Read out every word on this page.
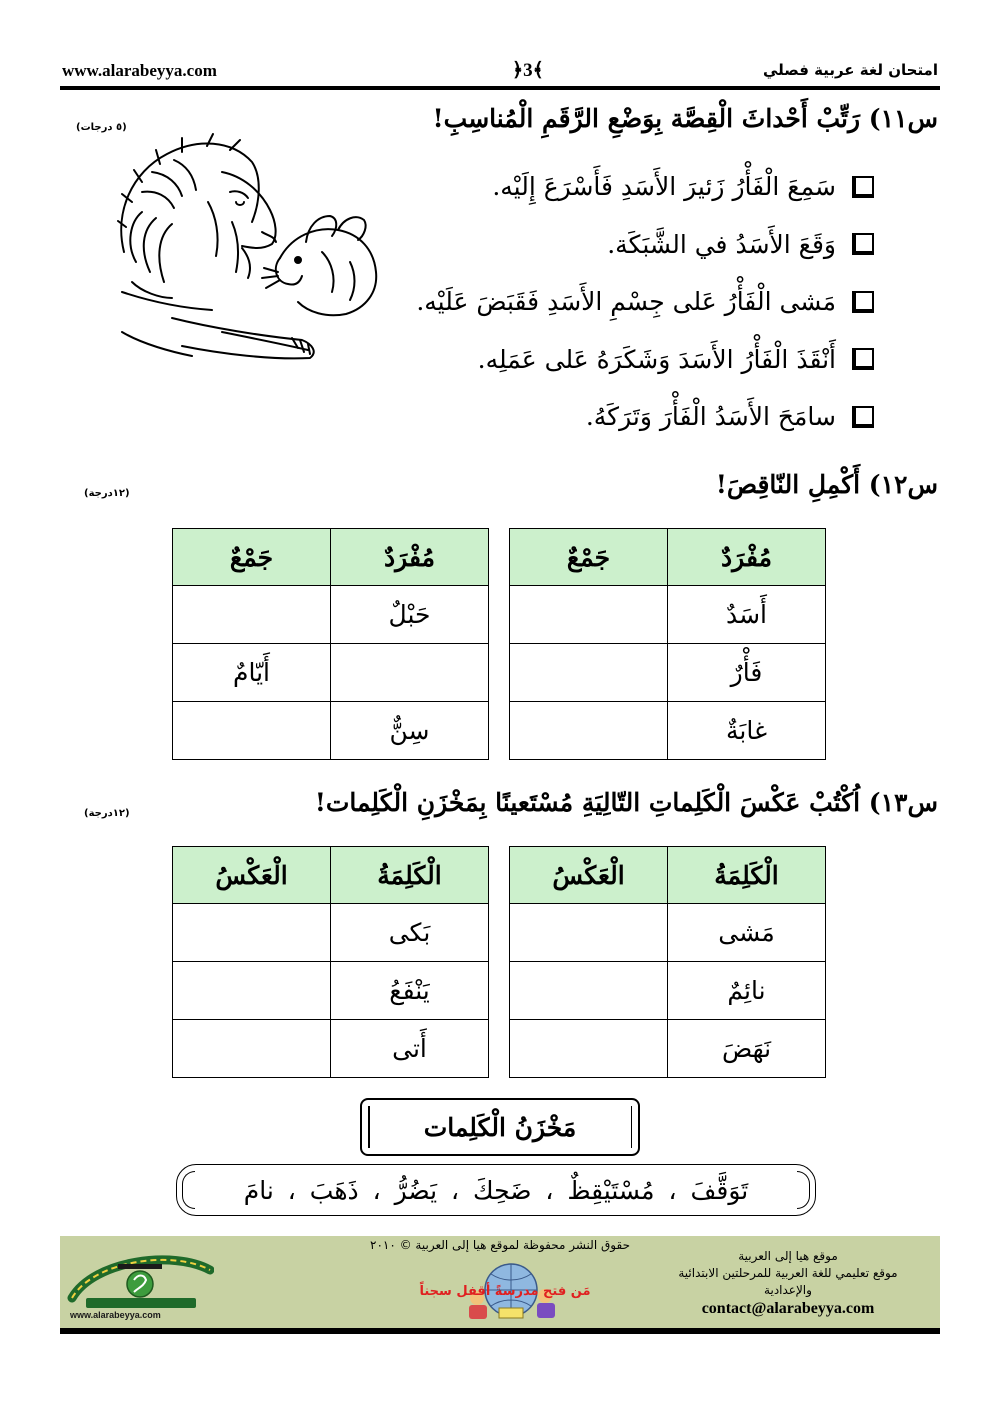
www.alarabeyya.com	﴿3﴾	امتحان لغة عربية فصلي
س١١) رَتِّبْ أَحْداثَ الْقِصَّة بِوَضْعِ الرَّقَمِ الْمُناسِبِ!
(٥ درجات)
سَمِعَ الْفَأْرُ زَئيرَ الأَسَدِ فَأَسْرَعَ إِلَيْه.
وَقَعَ الأَسَدُ في الشَّبَكَة.
مَشى الْفَأْرُ عَلى جِسْمِ الأَسَدِ فَقَبَضَ عَلَيْه.
أَنْقَذَ الْفَأْرُ الأَسَدَ وَشَكَرَهُ عَلى عَمَلِه.
سامَحَ الأَسَدُ الْفَأْرَ وَتَرَكَهُ.
س١٢) أَكْمِلِ النّاقِصَ!
(١٢درجة)
مُفْرَدٌ	جَمْعٌ
أَسَدٌ	
فَأْرٌ	
غابَةٌ	
مُفْرَدٌ	جَمْعٌ
حَبْلٌ	
	أَيّامٌ
سِنٌّ	
س١٣) اُكْتُبْ عَكْسَ الْكَلِماتِ التّالِيَةِ مُسْتَعينًا بِمَخْزَنِ الْكَلِمات!
(١٢درجة)
الْكَلِمَةُ	الْعَكْسُ
مَشى	
نائِمٌ	
نَهَضَ	
الْكَلِمَةُ	الْعَكْسُ
بَكى	
يَنْفَعُ	
أَتى	
مَخْزَنُ الْكَلِمات
تَوَقَّفَ ، مُسْتَيْقِظٌ ، ضَحِكَ ، يَضُرُّ ، ذَهَبَ ، نامَ
حقوق النشر محفوظة لموقع هيا إلى العربية © ٢٠١٠
مَن فتح مدرسةً أقفل سجناً
موقع هيا إلى العربية
موقع تعليمي للغة العربية للمرحلتين الابتدائية والإعدادية
contact@alarabeyya.com
www.alarabeyya.com
